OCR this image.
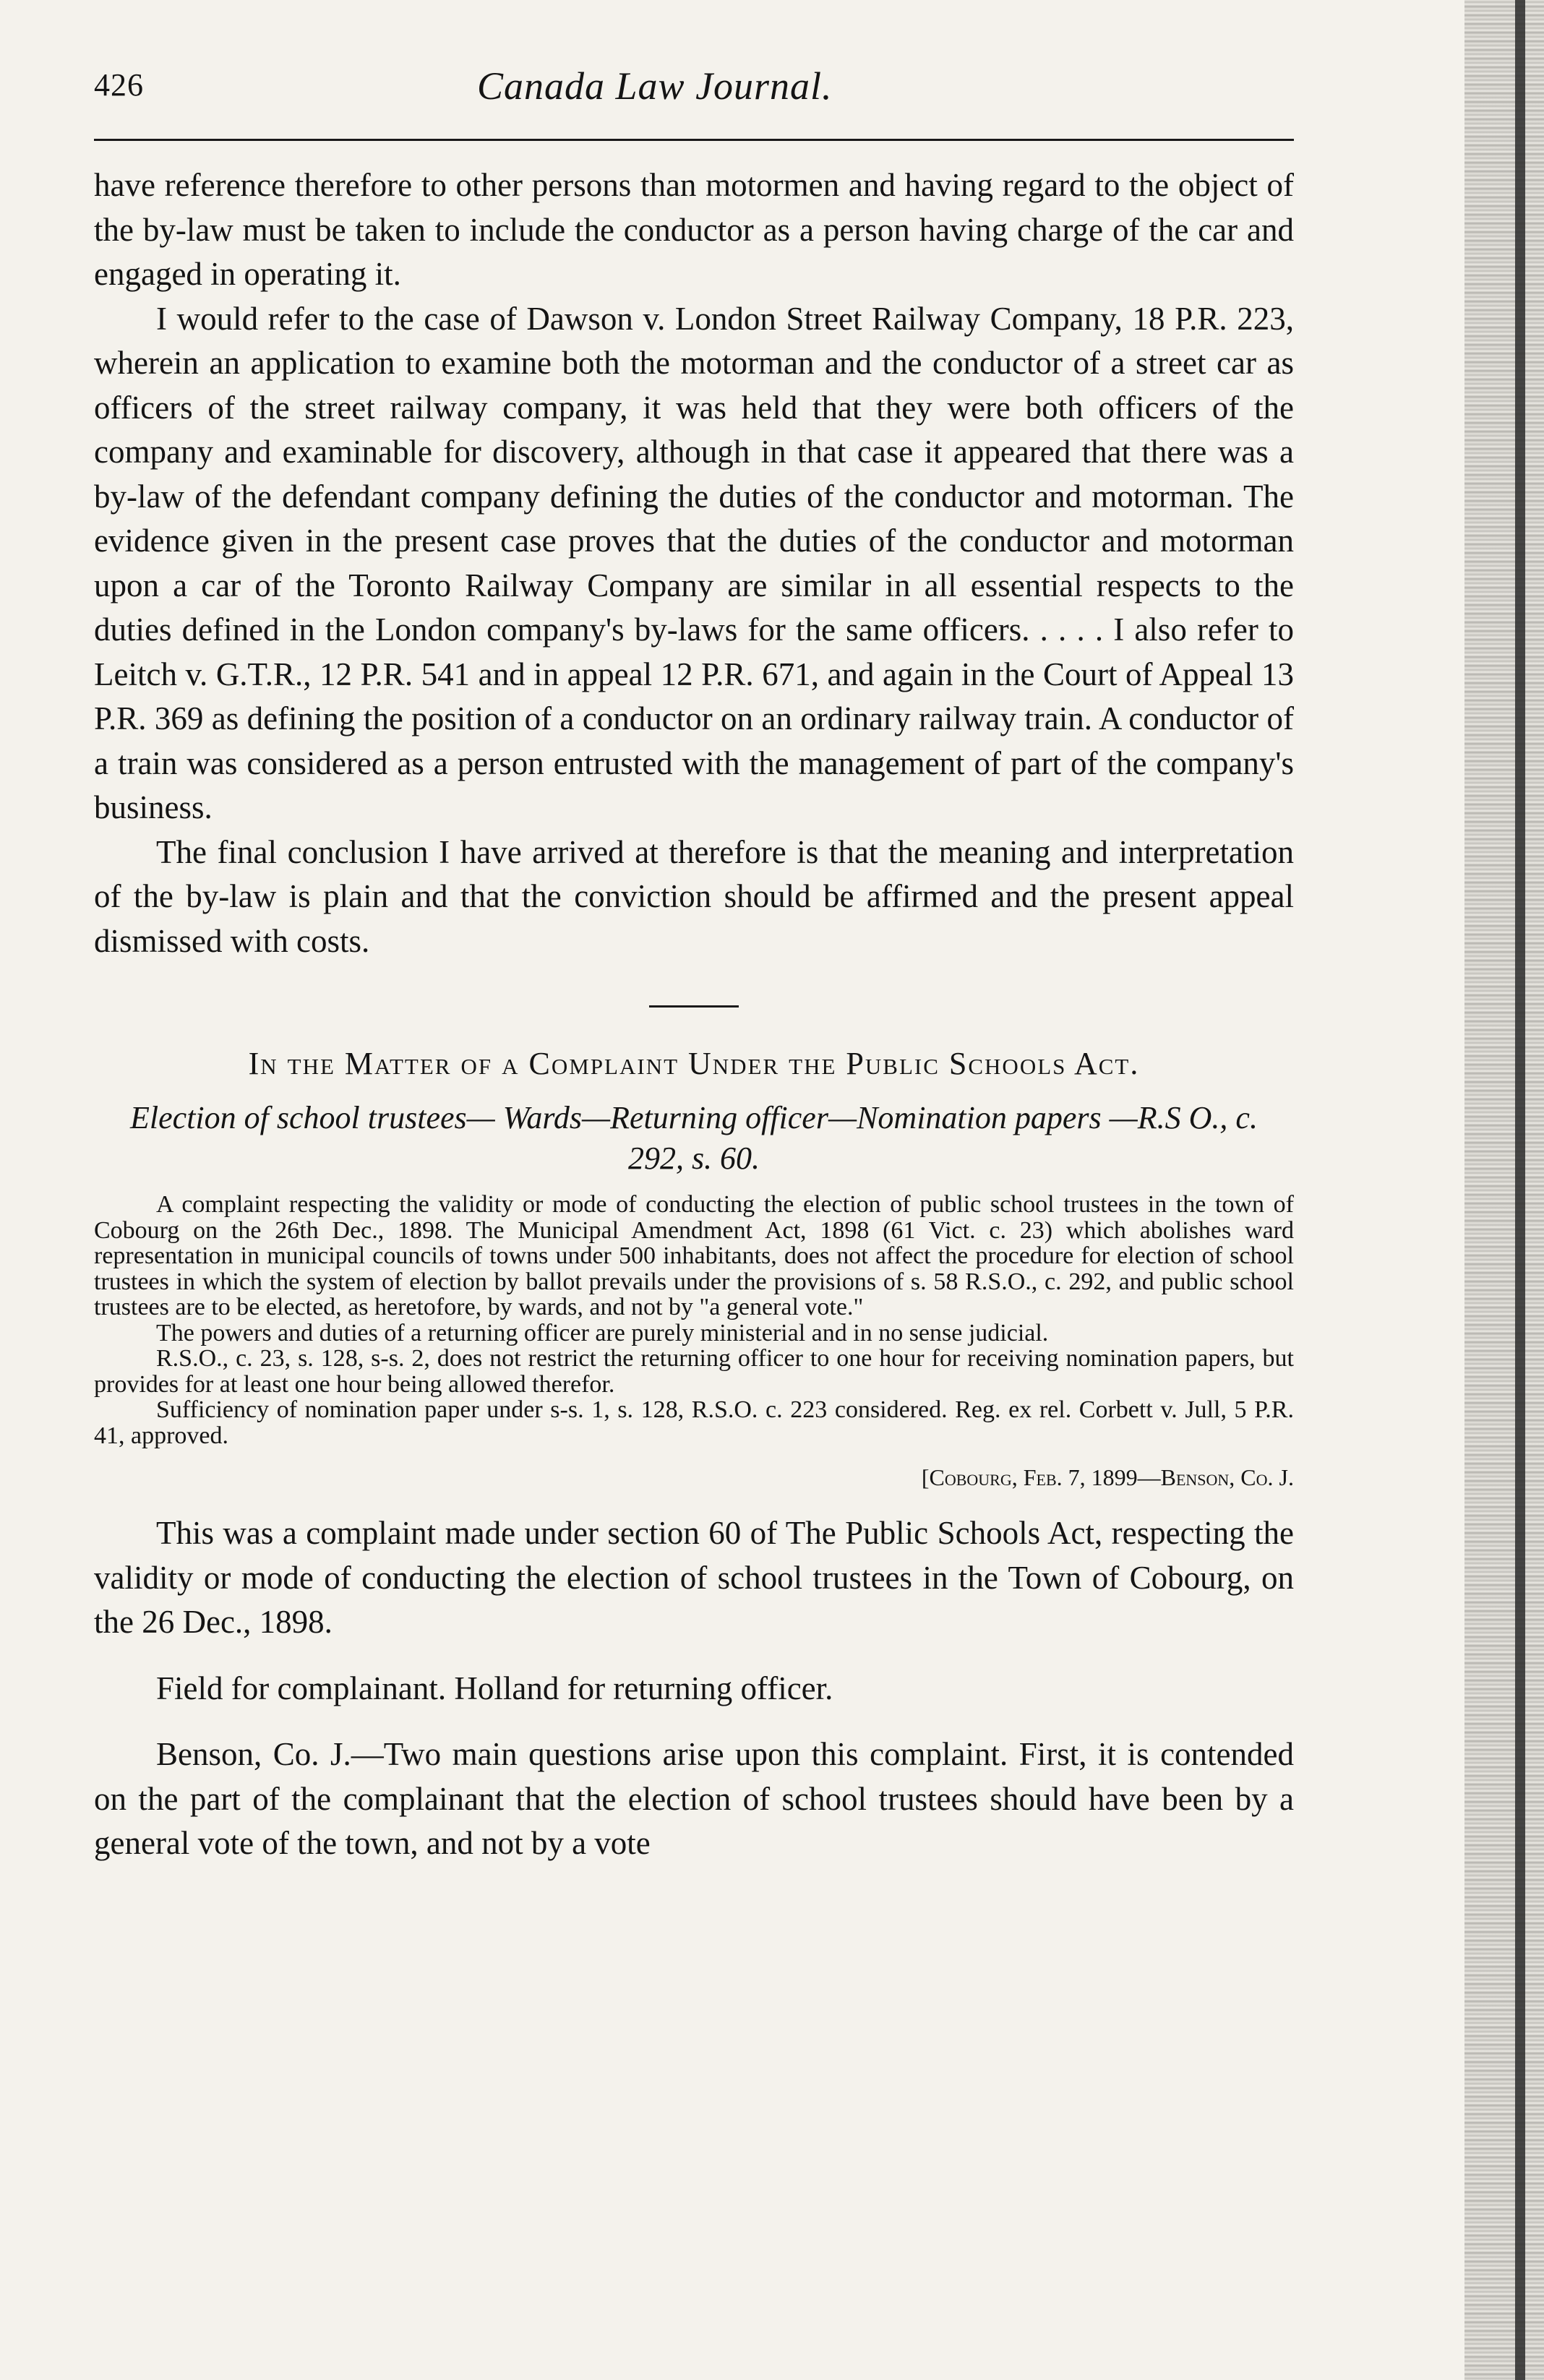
426	Canada Law Journal.

have reference therefore to other persons than motormen and having regard to the object of the by-law must be taken to include the conductor as a person having charge of the car and engaged in operating it.

I would refer to the case of Dawson v. London Street Railway Company, 18 P.R. 223, wherein an application to examine both the motorman and the conductor of a street car as officers of the street railway company, it was held that they were both officers of the company and examinable for discovery, although in that case it appeared that there was a by-law of the defendant company defining the duties of the conductor and motorman. The evidence given in the present case proves that the duties of the conductor and motorman upon a car of the Toronto Railway Company are similar in all essential respects to the duties defined in the London company's by-laws for the same officers. . . . . I also refer to Leitch v. G.T.R., 12 P.R. 541 and in appeal 12 P.R. 671, and again in the Court of Appeal 13 P.R. 369 as defining the position of a conductor on an ordinary railway train. A conductor of a train was considered as a person entrusted with the management of part of the company's business.

The final conclusion I have arrived at therefore is that the meaning and interpretation of the by-law is plain and that the conviction should be affirmed and the present appeal dismissed with costs.

In the Matter of a Complaint Under the Public Schools Act.
Election of school trustees— Wards—Returning officer—Nomination papers —R.S O., c. 292, s. 60.

A complaint respecting the validity or mode of conducting the election of public school trustees in the town of Cobourg on the 26th Dec., 1898. The Municipal Amendment Act, 1898 (61 Vict. c. 23) which abolishes ward representation in municipal councils of towns under 500 inhabitants, does not affect the procedure for election of school trustees in which the system of election by ballot prevails under the provisions of s. 58 R.S.O., c. 292, and public school trustees are to be elected, as heretofore, by wards, and not by "a general vote."

The powers and duties of a returning officer are purely ministerial and in no sense judicial.

R.S.O., c. 23, s. 128, s-s. 2, does not restrict the returning officer to one hour for receiving nomination papers, but provides for at least one hour being allowed therefor.

Sufficiency of nomination paper under s-s. 1, s. 128, R.S.O. c. 223 considered. Reg. ex rel. Corbett v. Jull, 5 P.R. 41, approved.

[Cobourg, Feb. 7, 1899—Benson, Co. J.

This was a complaint made under section 60 of The Public Schools Act, respecting the validity or mode of conducting the election of school trustees in the Town of Cobourg, on the 26 Dec., 1898.

Field for complainant. Holland for returning officer.

Benson, Co. J.—Two main questions arise upon this complaint. First, it is contended on the part of the complainant that the election of school trustees should have been by a general vote of the town, and not by a vote
